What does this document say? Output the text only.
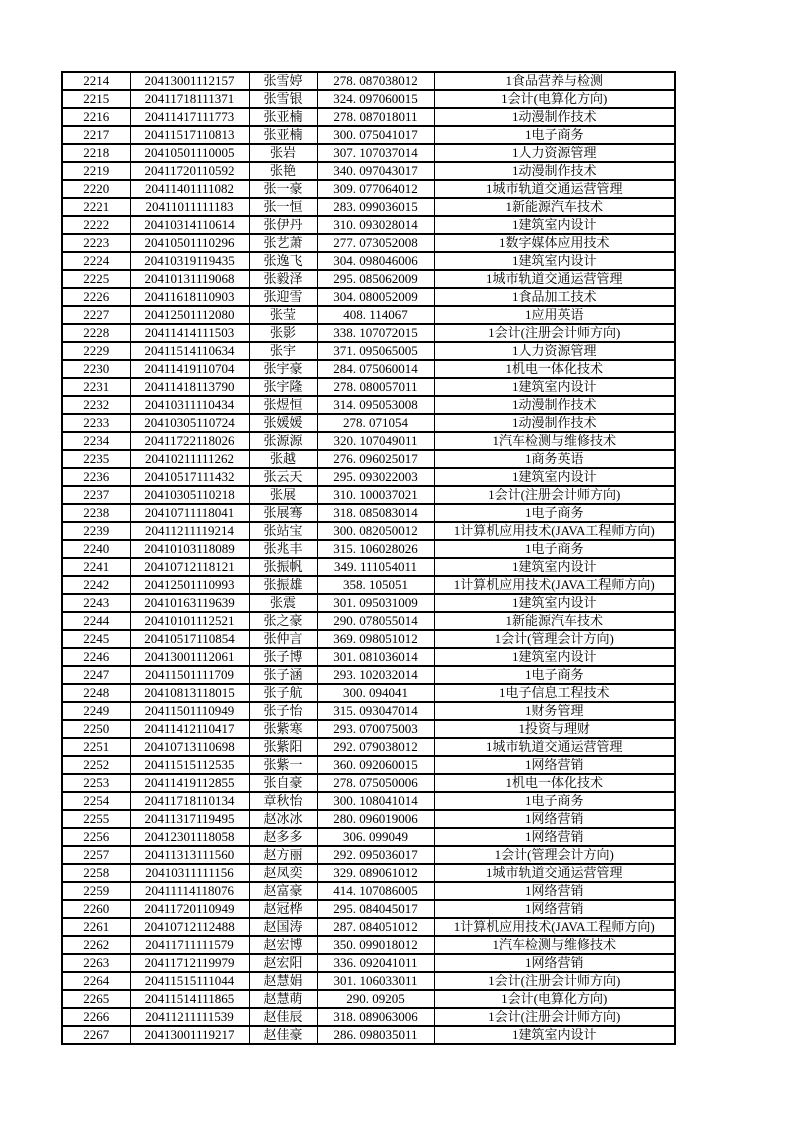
2214	20413001112157	张雪婷	278. 087038012	1食品营养与检测
2215	20411718111371	张雪银	324. 097060015	1会计(电算化方向)
2216	20411417111773	张亚楠	278. 087018011	1动漫制作技术
2217	20411517110813	张亚楠	300. 075041017	1电子商务
2218	20410501110005	张岩	307. 107037014	1人力资源管理
2219	20411720110592	张艳	340. 097043017	1动漫制作技术
2220	20411401111082	张一豪	309. 077064012	1城市轨道交通运营管理
2221	20411011111183	张一恒	283. 099036015	1新能源汽车技术
2222	20410314110614	张伊丹	310. 093028014	1建筑室内设计
2223	20410501110296	张艺萧	277. 073052008	1数字媒体应用技术
2224	20410319119435	张逸飞	304. 098046006	1建筑室内设计
2225	20410131119068	张毅泽	295. 085062009	1城市轨道交通运营管理
2226	20411618110903	张迎雪	304. 080052009	1食品加工技术
2227	20412501112080	张莹	408. 114067	1应用英语
2228	20411414111503	张影	338. 107072015	1会计(注册会计师方向)
2229	20411514110634	张宇	371. 095065005	1人力资源管理
2230	20411419110704	张宇豪	284. 075060014	1机电一体化技术
2231	20411418113790	张宇隆	278. 080057011	1建筑室内设计
2232	20410311110434	张煜恒	314. 095053008	1动漫制作技术
2233	20410305110724	张媛媛	278. 071054	1动漫制作技术
2234	20411722118026	张源源	320. 107049011	1汽车检测与维修技术
2235	20410211111262	张越	276. 096025017	1商务英语
2236	20410517111432	张云天	295. 093022003	1建筑室内设计
2237	20410305110218	张展	310. 100037021	1会计(注册会计师方向)
2238	20410711118041	张展骞	318. 085083014	1电子商务
2239	20411211119214	张站宝	300. 082050012	1计算机应用技术(JAVA工程师方向)
2240	20410103118089	张兆丰	315. 106028026	1电子商务
2241	20410712118121	张振帆	349. 111054011	1建筑室内设计
2242	20412501110993	张振雄	358. 105051	1计算机应用技术(JAVA工程师方向)
2243	20410163119639	张震	301. 095031009	1建筑室内设计
2244	20410101112521	张之豪	290. 078055014	1新能源汽车技术
2245	20410517110854	张仲言	369. 098051012	1会计(管理会计方向)
2246	20413001112061	张子博	301. 081036014	1建筑室内设计
2247	20411501111709	张子涵	293. 102032014	1电子商务
2248	20410813118015	张子航	300. 094041	1电子信息工程技术
2249	20411501110949	张子怡	315. 093047014	1财务管理
2250	20411412110417	张紫寒	293. 070075003	1投资与理财
2251	20410713110698	张紫阳	292. 079038012	1城市轨道交通运营管理
2252	20411515112535	张紫一	360. 092060015	1网络营销
2253	20411419112855	张自豪	278. 075050006	1机电一体化技术
2254	20411718110134	章秋怡	300. 108041014	1电子商务
2255	20411317119495	赵冰冰	280. 096019006	1网络营销
2256	20412301118058	赵多多	306. 099049	1网络营销
2257	20411313111560	赵方丽	292. 095036017	1会计(管理会计方向)
2258	20410311111156	赵凤奕	329. 089061012	1城市轨道交通运营管理
2259	20411114118076	赵富豪	414. 107086005	1网络营销
2260	20411720110949	赵冠桦	295. 084045017	1网络营销
2261	20410712112488	赵国涛	287. 084051012	1计算机应用技术(JAVA工程师方向)
2262	20411711111579	赵宏博	350. 099018012	1汽车检测与维修技术
2263	20411712119979	赵宏阳	336. 092041011	1网络营销
2264	20411515111044	赵慧娟	301. 106033011	1会计(注册会计师方向)
2265	20411514111865	赵慧萌	290. 09205	1会计(电算化方向)
2266	20411211111539	赵佳辰	318. 089063006	1会计(注册会计师方向)
2267	20413001119217	赵佳豪	286. 098035011	1建筑室内设计
